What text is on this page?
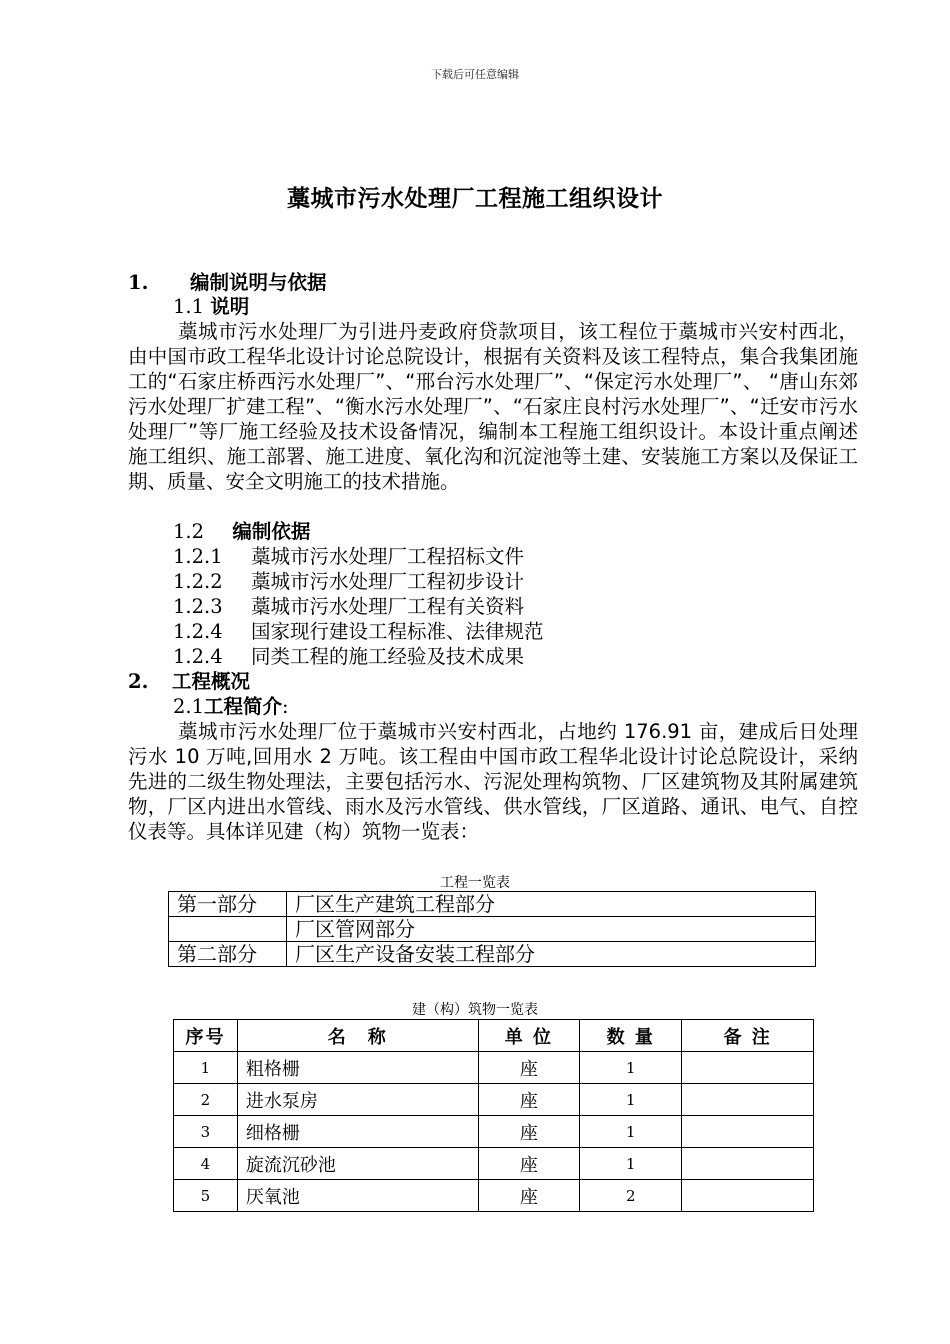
下载后可任意编辑
藁城市污水处理厂工程施工组织设计
1. 编制说明与依据
1.1 说明

藁城市污水处理厂为引进丹麦政府贷款项目，该工程位于藁城市兴安村西北，由中国市政工程华北设计讨论总院设计，根据有关资料及该工程特点，集合我集团施工的“石家庄桥西污水处理厂”、“邢台污水处理厂”、“保定污水处理厂”、 “唐山东郊污水处理厂扩建工程”、“衡水污水处理厂”、“石家庄良村污水处理厂”、“迁安市污水处理厂”等厂施工经验及技术设备情况，编制本工程施工组织设计。本设计重点阐述施工组织、施工部署、施工进度、氧化沟和沉淀池等土建、安装施工方案以及保证工期、质量、安全文明施工的技术措施。

1.2 编制依据
1.2.1 藁城市污水处理厂工程招标文件
1.2.2 藁城市污水处理厂工程初步设计
1.2.3 藁城市污水处理厂工程有关资料
1.2.4 国家现行建设工程标准、法律规范
1.2.4 同类工程的施工经验及技术成果
2. 工程概况
2.1工程简介:

藁城市污水处理厂位于藁城市兴安村西北，占地约 176.91 亩，建成后日处理污水 10 万吨,回用水 2 万吨。该工程由中国市政工程华北设计讨论总院设计，采纳先进的二级生物处理法，主要包括污水、污泥处理构筑物、厂区建筑物及其附属建筑物，厂区内进出水管线、雨水及污水管线、供水管线，厂区道路、通讯、电气、自控仪表等。具体详见建（构）筑物一览表：

工程一览表
第一部分	厂区生产建筑工程部分
	厂区管网部分
第二部分	厂区生产设备安装工程部分
建（构）筑物一览表
序号	名　称	单 位	数 量	备 注
1	粗格栅	座	1	
2	进水泵房	座	1	
3	细格栅	座	1	
4	旋流沉砂池	座	1	
5	厌氧池	座	2	
